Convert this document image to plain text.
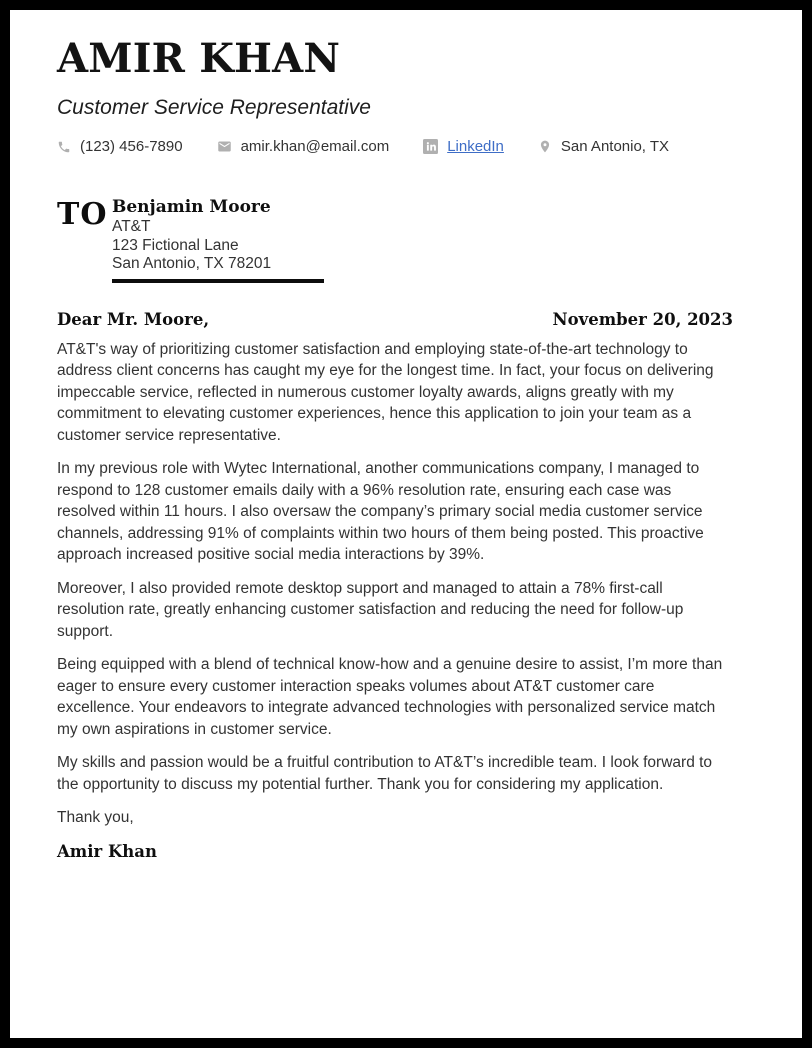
AMIR KHAN
Customer Service Representative
(123) 456-7890	amir.khan@email.com	LinkedIn	San Antonio, TX
TO Benjamin Moore
AT&T
123 Fictional Lane
San Antonio, TX 78201
Dear Mr. Moore,	November 20, 2023

AT&T's way of prioritizing customer satisfaction and employing state-of-the-art technology to address client concerns has caught my eye for the longest time. In fact, your focus on delivering impeccable service, reflected in numerous customer loyalty awards, aligns greatly with my commitment to elevating customer experiences, hence this application to join your team as a customer service representative.

In my previous role with Wytec International, another communications company, I managed to respond to 128 customer emails daily with a 96% resolution rate, ensuring each case was resolved within 11 hours. I also oversaw the company’s primary social media customer service channels, addressing 91% of complaints within two hours of them being posted. This proactive approach increased positive social media interactions by 39%.

Moreover, I also provided remote desktop support and managed to attain a 78% first-call resolution rate, greatly enhancing customer satisfaction and reducing the need for follow-up support.

Being equipped with a blend of technical know-how and a genuine desire to assist, I’m more than eager to ensure every customer interaction speaks volumes about AT&T customer care excellence. Your endeavors to integrate advanced technologies with personalized service match my own aspirations in customer service.

My skills and passion would be a fruitful contribution to AT&T’s incredible team. I look forward to the opportunity to discuss my potential further. Thank you for considering my application.

Thank you,

Amir Khan
